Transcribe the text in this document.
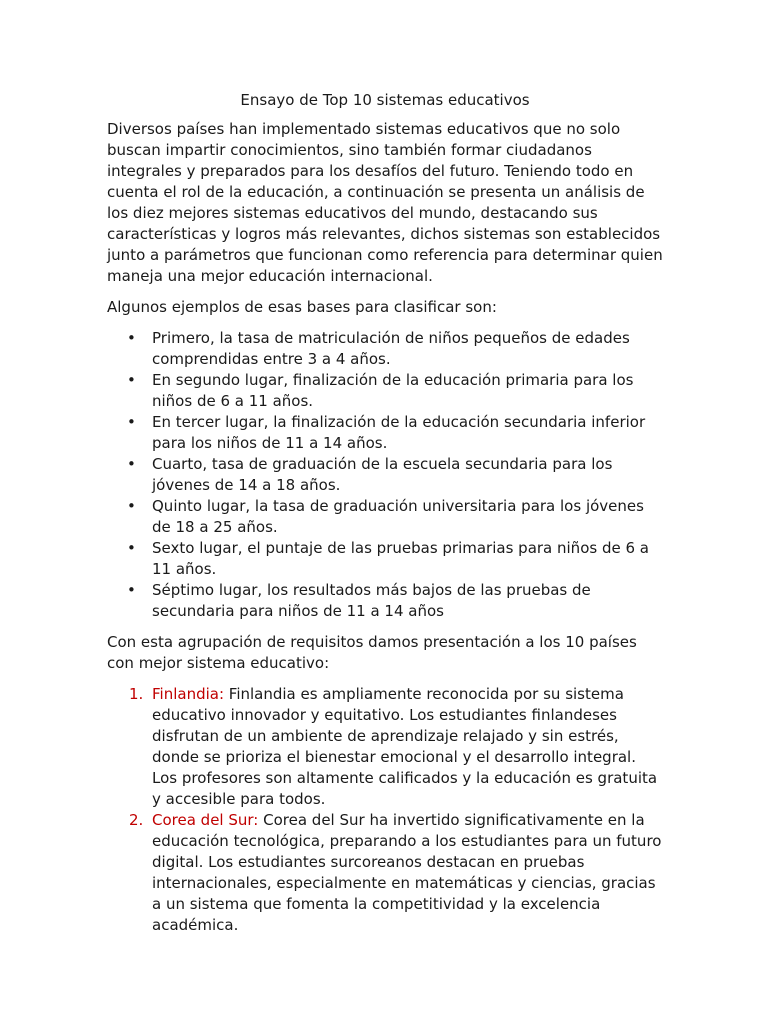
Ensayo de Top 10 sistemas educativos

Diversos países han implementado sistemas educativos que no solo buscan impartir conocimientos, sino también formar ciudadanos integrales y preparados para los desafíos del futuro. Teniendo todo en cuenta el rol de la educación, a continuación se presenta un análisis de los diez mejores sistemas educativos del mundo, destacando sus características y logros más relevantes, dichos sistemas son establecidos junto a parámetros que funcionan como referencia para determinar quien maneja una mejor educación internacional.

Algunos ejemplos de esas bases para clasificar son:

• Primero, la tasa de matriculación de niños pequeños de edades comprendidas entre 3 a 4 años.
• En segundo lugar, finalización de la educación primaria para los niños de 6 a 11 años.
• En tercer lugar, la finalización de la educación secundaria inferior para los niños de 11 a 14 años.
• Cuarto, tasa de graduación de la escuela secundaria para los jóvenes de 14 a 18 años.
• Quinto lugar, la tasa de graduación universitaria para los jóvenes de 18 a 25 años.
• Sexto lugar, el puntaje de las pruebas primarias para niños de 6 a 11 años.
• Séptimo lugar, los resultados más bajos de las pruebas de secundaria para niños de 11 a 14 años

Con esta agrupación de requisitos damos presentación a los 10 países con mejor sistema educativo:

1. Finlandia: Finlandia es ampliamente reconocida por su sistema educativo innovador y equitativo. Los estudiantes finlandeses disfrutan de un ambiente de aprendizaje relajado y sin estrés, donde se prioriza el bienestar emocional y el desarrollo integral. Los profesores son altamente calificados y la educación es gratuita y accesible para todos.
2. Corea del Sur: Corea del Sur ha invertido significativamente en la educación tecnológica, preparando a los estudiantes para un futuro digital. Los estudiantes surcoreanos destacan en pruebas internacionales, especialmente en matemáticas y ciencias, gracias a un sistema que fomenta la competitividad y la excelencia académica.
